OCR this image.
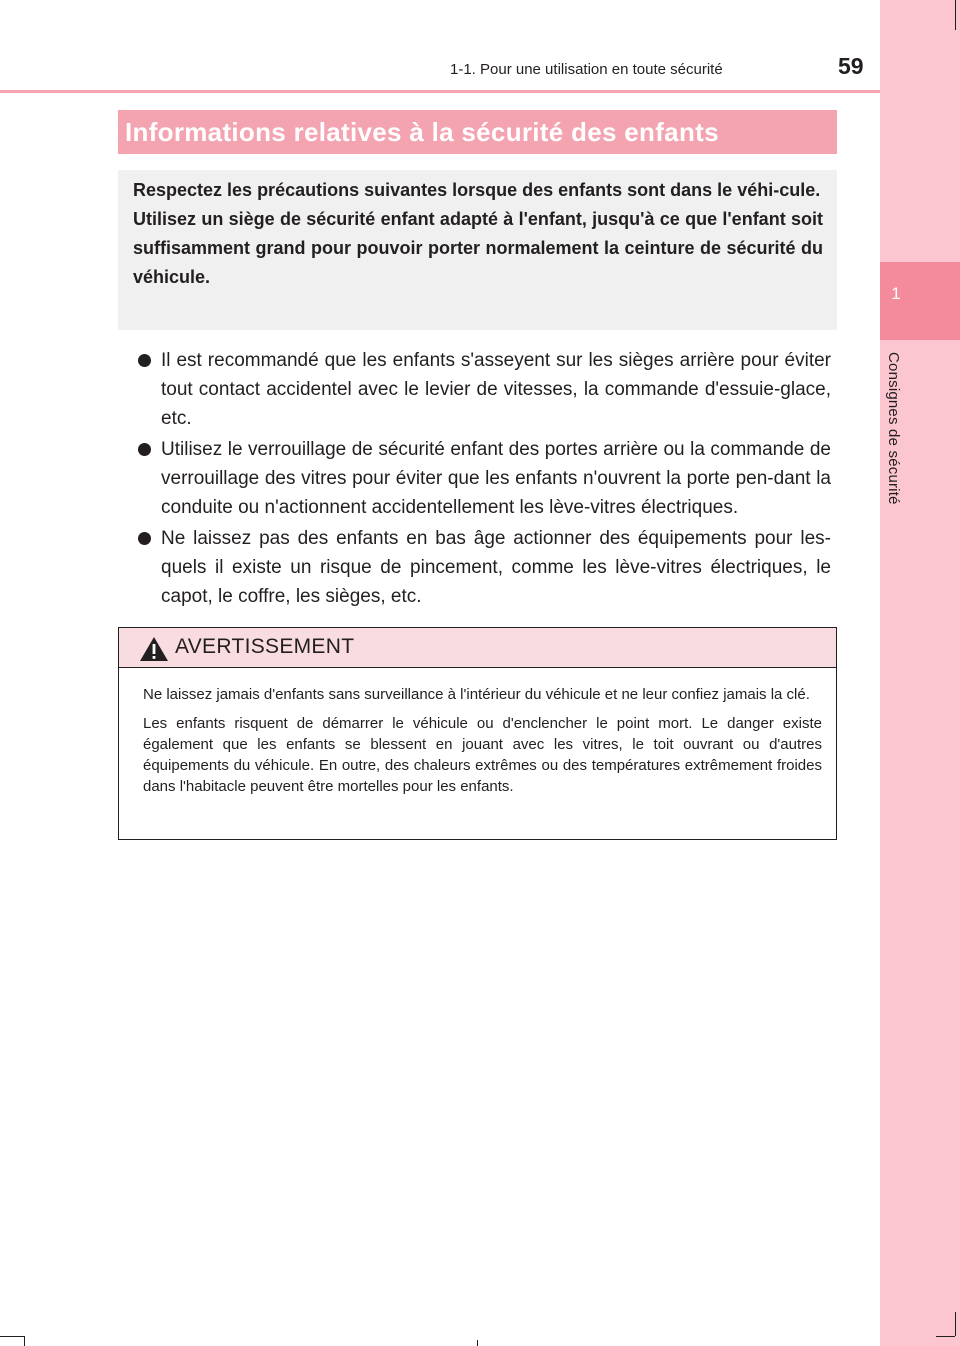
1
Consignes de sécurité
1-1. Pour une utilisation en toute sécurité	59
Informations relatives à la sécurité des enfants

Respectez les précautions suivantes lorsque des enfants sont dans le véhi-cule.

Utilisez un siège de sécurité enfant adapté à l'enfant, jusqu'à ce que l'enfant soit suffisamment grand pour pouvoir porter normalement la ceinture de sécurité du véhicule.

Il est recommandé que les enfants s'asseyent sur les sièges arrière pour éviter tout contact accidentel avec le levier de vitesses, la commande d'essuie-glace, etc.
Utilisez le verrouillage de sécurité enfant des portes arrière ou la commande de verrouillage des vitres pour éviter que les enfants n'ouvrent la porte pen-dant la conduite ou n'actionnent accidentellement les lève-vitres électriques.
Ne laissez pas des enfants en bas âge actionner des équipements pour les-quels il existe un risque de pincement, comme les lève-vitres électriques, le capot, le coffre, les sièges, etc.
AVERTISSEMENT

Ne laissez jamais d'enfants sans surveillance à l'intérieur du véhicule et ne leur confiez jamais la clé.

Les enfants risquent de démarrer le véhicule ou d'enclencher le point mort. Le danger existe également que les enfants se blessent en jouant avec les vitres, le toit ouvrant ou d'autres équipements du véhicule. En outre, des chaleurs extrêmes ou des températures extrêmement froides dans l'habitacle peuvent être mortelles pour les enfants.
